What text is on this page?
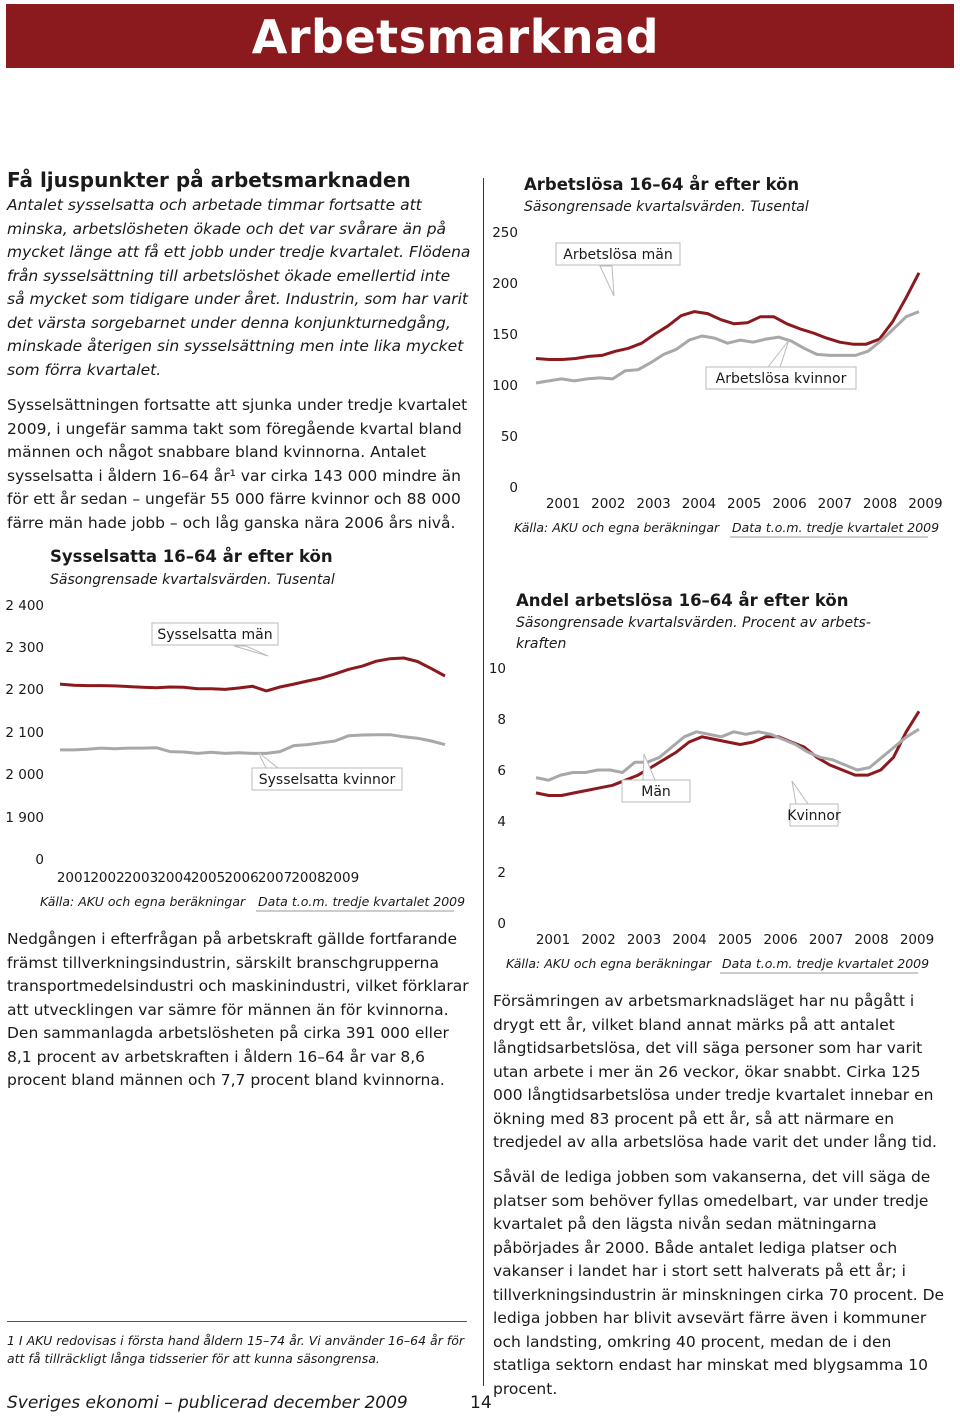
Arbetsmarknad
Få ljuspunkter på arbetsmarknaden
Antalet sysselsatta och arbetade timmar fortsatte att minska, arbetslösheten ökade och det var svårare än på mycket länge att få ett jobb under tredje kvartalet. Flödena från sysselsättning till arbetslöshet ökade emellertid inte så mycket som tidigare under året. Industrin, som har varit det värsta sorgebarnet under denna konjunkturnedgång, minskade återigen sin sysselsättning men inte lika mycket som förra kvartalet.
Sysselsättningen fortsatte att sjunka under tredje kvartalet 2009, i ungefär samma takt som föregående kvartal bland männen och något snabbare bland kvinnorna. Antalet sysselsatta i åldern 16–64 år¹ var cirka 143 000 mindre än för ett år sedan – ungefär 55 000 färre kvinnor och 88 000 färre män hade jobb – och låg ganska nära 2006 års nivå.
Nedgången i efterfrågan på arbetskraft gällde fortfarande främst tillverkningsindustrin, särskilt branschgrupperna transportmedelsindustri och maskinindustri, vilket förklarar att utvecklingen var sämre för männen än för kvinnorna. Den sammanlagda arbetslösheten på cirka 391 000 eller 8,1 procent av arbetskraften i åldern 16–64 år var 8,6 procent bland männen och 7,7 procent bland kvinnorna.
Försämringen av arbetsmarknadsläget har nu pågått i drygt ett år, vilket bland annat märks på att antalet långtidsarbetslösa, det vill säga personer som har varit utan arbete i mer än 26 veckor, ökar snabbt. Cirka 125 000 långtidsarbetslösa under tredje kvartalet innebar en ökning med 83 procent på ett år, så att närmare en tredjedel av alla arbetslösa hade varit det under lång tid.
Såväl de lediga jobben som vakanserna, det vill säga de platser som behöver fyllas omedelbart, var under tredje kvartalet på den lägsta nivån sedan mätningarna påbörjades år 2000. Både antalet lediga platser och vakanser i landet har i stort sett halverats på ett år; i tillverkningsindustrin är minskningen cirka 70 procent. De lediga jobben har blivit avsevärt färre även i kommuner och landsting, omkring 40 procent, medan de i den statliga sektorn endast har minskat med blygsamma 10 procent.
Sysselsatta 16–64 år efter kön
Säsongrensade kvartalsvärden. Tusental
2 400
2 300
2 200
2 100
2 000
1 900
0
2001 2002 2003 2004 2005 2006 2007 2008 2009
Sysselsatta män
Sysselsatta kvinnor
Källa: AKU och egna beräkningar Data t.o.m. tredje kvartalet 2009
Arbetslösa 16–64 år efter kön
Säsongrensade kvartalsvärden. Tusental
250
200
150
100
50
0
2001 2002 2003 2004 2005 2006 2007 2008 2009
Arbetslösa män
Arbetslösa kvinnor
Källa: AKU och egna beräkningar Data t.o.m. tredje kvartalet 2009
Andel arbetslösa 16–64 år efter kön
Säsongrensade kvartalsvärden. Procent av arbets-
kraften
10
8
6
4
2
0
2001 2002 2003 2004 2005 2006 2007 2008 2009
Män
Kvinnor
Källa: AKU och egna beräkningar Data t.o.m. tredje kvartalet 2009
1 I AKU redovisas i första hand åldern 15–74 år. Vi använder 16–64 år för att få tillräckligt långa tidsserier för att kunna säsongrensa.
Sveriges ekonomi – publicerad december 2009	14
